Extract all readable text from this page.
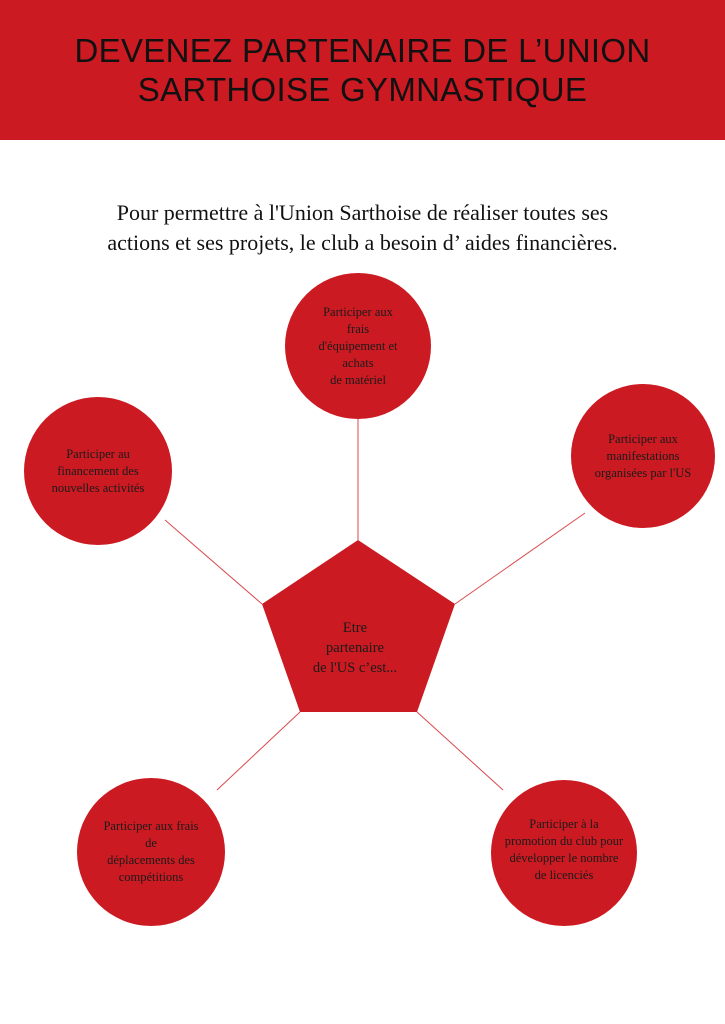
DEVENEZ PARTENAIRE DE L’UNION
SARTHOISE GYMNASTIQUE

Pour permettre à l'Union Sarthoise de réaliser toutes ses
actions et ses projets, le club a besoin d’ aides financières.

Participer aux
frais
d'équipement et
achats
de matériel
Participer aux
manifestations
organisées par l'US
Participer à la
promotion du club pour
développer le nombre
de licenciés
Participer aux frais
de
déplacements des
compétitions
Participer au
financement des
nouvelles activités
Etre
partenaire
de l'US c’est...
